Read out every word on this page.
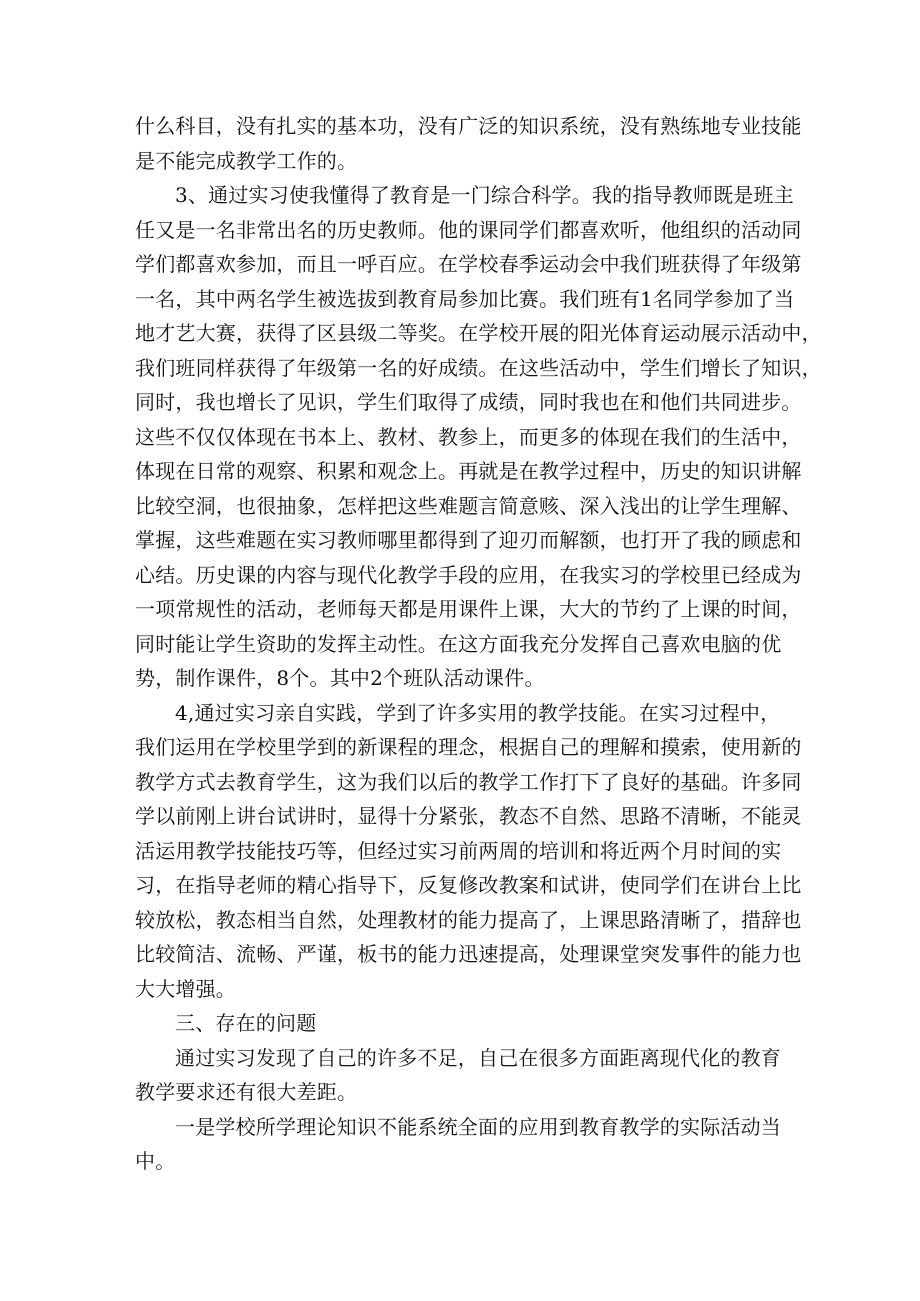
什么科目，没有扎实的基本功，没有广泛的知识系统，没有熟练地专业技能
是不能完成教学工作的。
3、通过实习使我懂得了教育是一门综合科学。我的指导教师既是班主
任又是一名非常出名的历史教师。他的课同学们都喜欢听，他组织的活动同
学们都喜欢参加，而且一呼百应。在学校春季运动会中我们班获得了年级第
一名，其中两名学生被选拔到教育局参加比赛。我们班有1名同学参加了当
地才艺大赛，获得了区县级二等奖。在学校开展的阳光体育运动展示活动中，
我们班同样获得了年级第一名的好成绩。在这些活动中，学生们增长了知识，
同时，我也增长了见识，学生们取得了成绩，同时我也在和他们共同进步。
这些不仅仅体现在书本上、教材、教参上，而更多的体现在我们的生活中，
体现在日常的观察、积累和观念上。再就是在教学过程中，历史的知识讲解
比较空洞，也很抽象，怎样把这些难题言简意赅、深入浅出的让学生理解、
掌握，这些难题在实习教师哪里都得到了迎刃而解额，也打开了我的顾虑和
心结。历史课的内容与现代化教学手段的应用，在我实习的学校里已经成为
一项常规性的活动，老师每天都是用课件上课，大大的节约了上课的时间，
同时能让学生资助的发挥主动性。在这方面我充分发挥自己喜欢电脑的优
势，制作课件，8个。其中2个班队活动课件。
4,通过实习亲自实践，学到了许多实用的教学技能。在实习过程中，
我们运用在学校里学到的新课程的理念，根据自己的理解和摸索，使用新的
教学方式去教育学生，这为我们以后的教学工作打下了良好的基础。许多同
学以前刚上讲台试讲时，显得十分紧张，教态不自然、思路不清晰，不能灵
活运用教学技能技巧等，但经过实习前两周的培训和将近两个月时间的实
习，在指导老师的精心指导下，反复修改教案和试讲，使同学们在讲台上比
较放松，教态相当自然，处理教材的能力提高了，上课思路清晰了，措辞也
比较简洁、流畅、严谨，板书的能力迅速提高，处理课堂突发事件的能力也
大大增强。
三、存在的问题
通过实习发现了自己的许多不足，自己在很多方面距离现代化的教育
教学要求还有很大差距。
一是学校所学理论知识不能系统全面的应用到教育教学的实际活动当
中。
